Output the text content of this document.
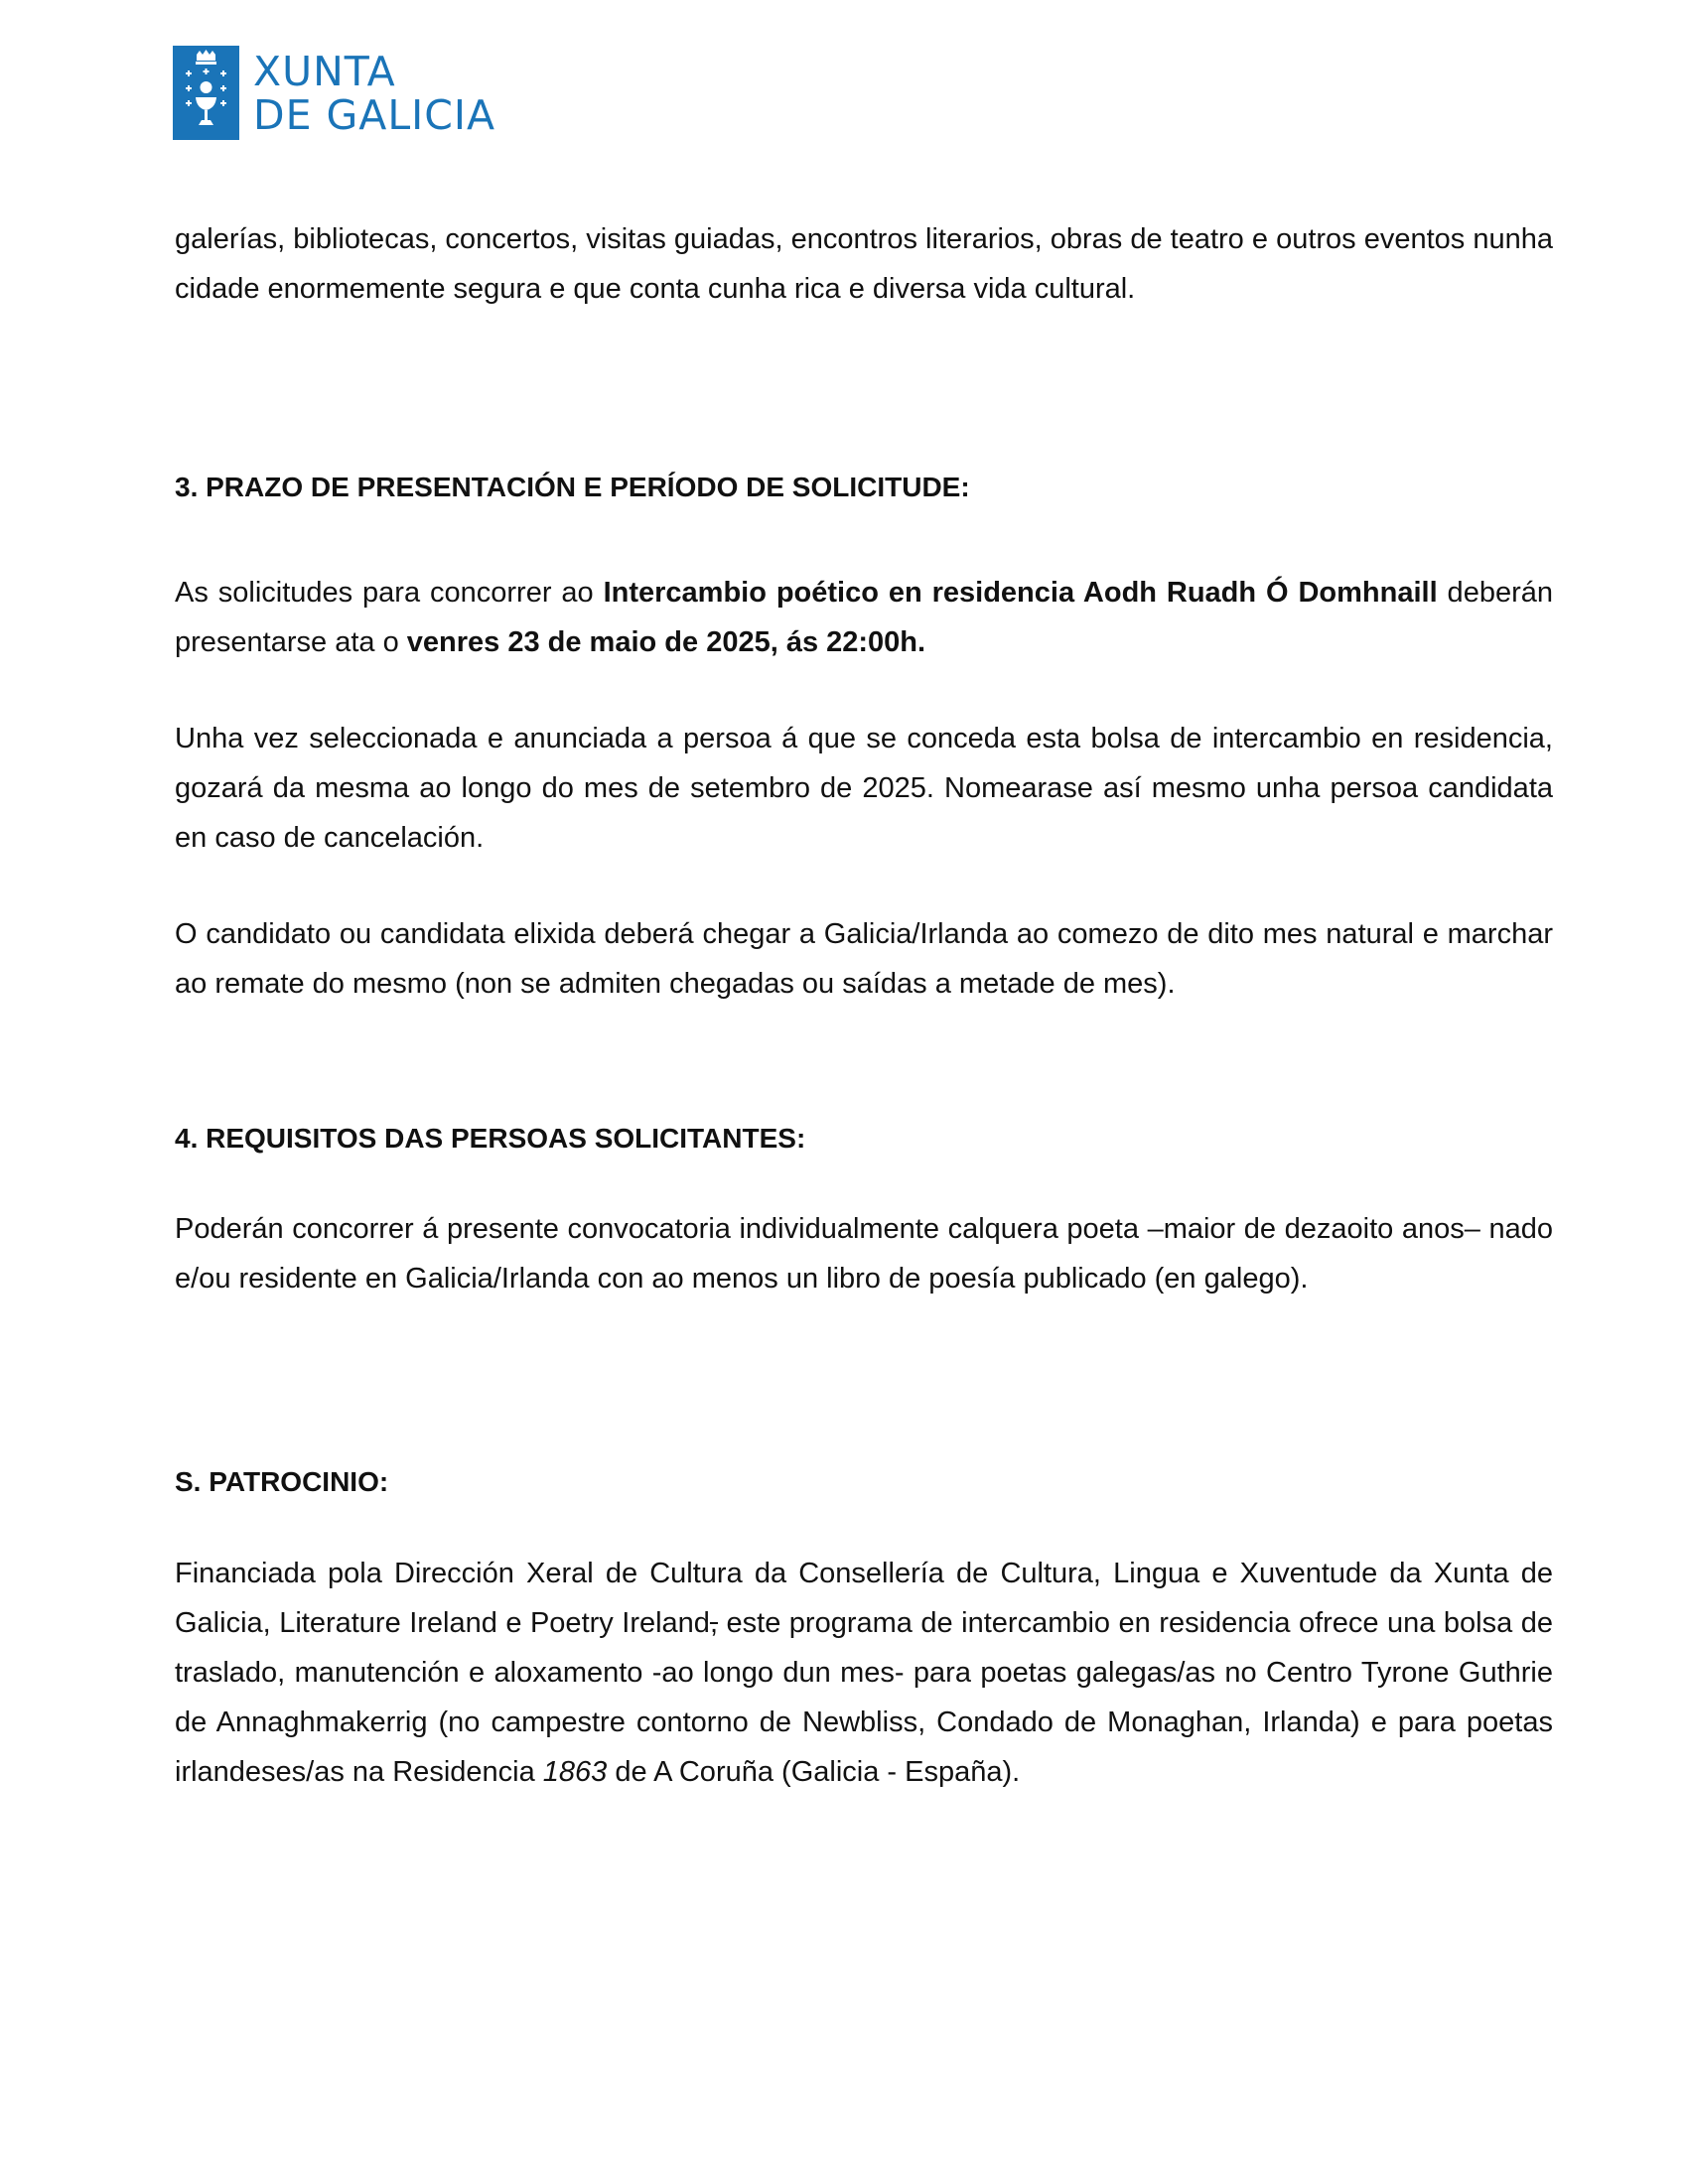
XUNTA
DE GALICIA
galerías, bibliotecas, concertos, visitas guiadas, encontros literarios, obras de teatro e outros eventos nunha cidade enormemente segura e que conta cunha rica e diversa vida cultural.
3. PRAZO DE PRESENTACIÓN E PERÍODO DE SOLICITUDE:
As solicitudes para concorrer ao Intercambio poético en residencia Aodh Ruadh Ó Domhnaill deberán presentarse ata o venres 23 de maio de 2025, ás 22:00h.
Unha vez seleccionada e anunciada a persoa á que se conceda esta bolsa de intercambio en residencia, gozará da mesma ao longo do mes de setembro de 2025. Nomearase así mesmo unha persoa candidata en caso de cancelación.
O candidato ou candidata elixida deberá chegar a Galicia/Irlanda ao comezo de dito mes natural e marchar ao remate do mesmo (non se admiten chegadas ou saídas a metade de mes).
4. REQUISITOS DAS PERSOAS SOLICITANTES:
Poderán concorrer á presente convocatoria individualmente calquera poeta –maior de dezaoito anos– nado e/ou residente en Galicia/Irlanda con ao menos un libro de poesía publicado (en galego).
S. PATROCINIO:
Financiada pola Dirección Xeral de Cultura da Consellería de Cultura, Lingua e Xuventude da Xunta de Galicia, Literature Ireland e Poetry Ireland, este programa de intercambio en residencia ofrece una bolsa de traslado, manutención e aloxamento -ao longo dun mes- para poetas galegas/as no Centro Tyrone Guthrie de Annaghmakerrig (no campestre contorno de Newbliss, Condado de Monaghan, Irlanda) e para poetas irlandeses/as na Residencia 1863 de A Coruña (Galicia - España).
